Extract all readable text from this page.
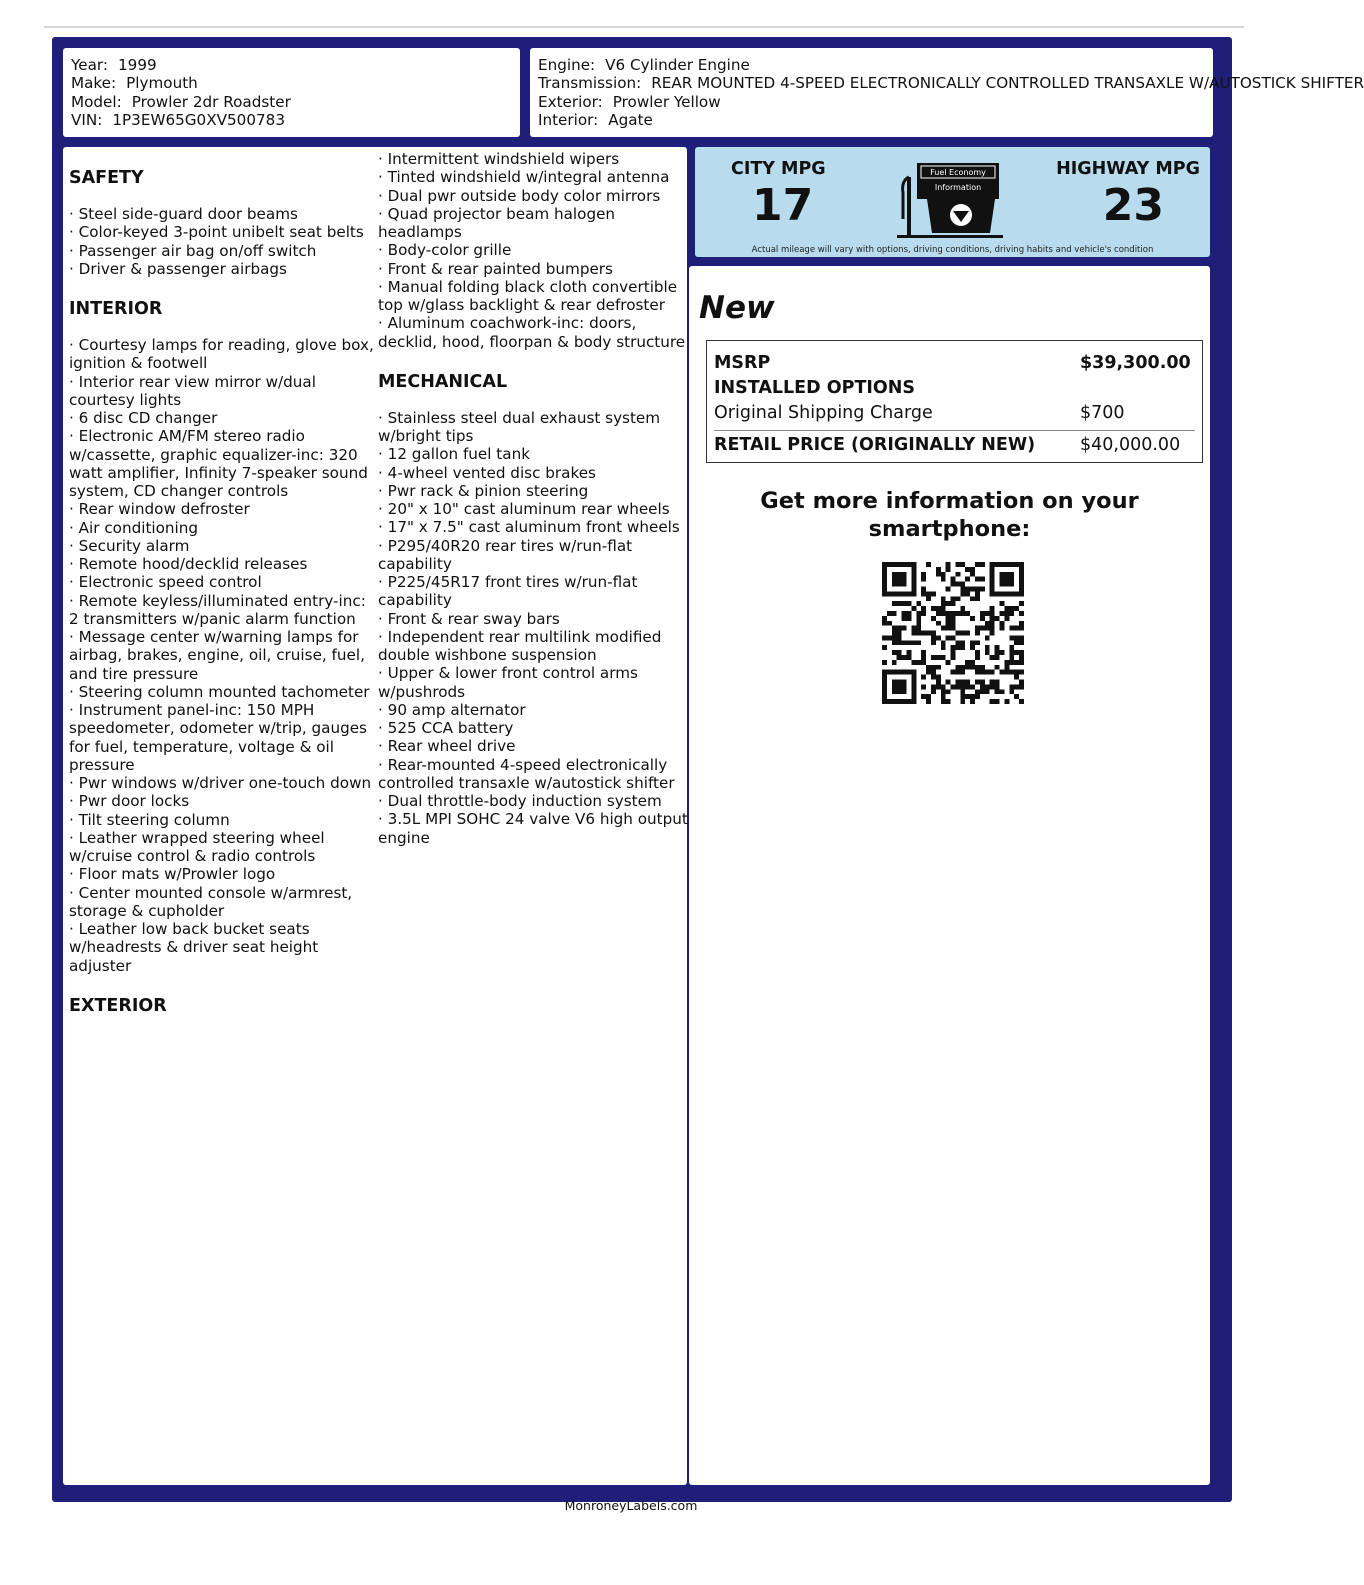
Year: 1999
Make: Plymouth
Model: Prowler 2dr Roadster
VIN: 1P3EW65G0XV500783
Engine: V6 Cylinder Engine
Transmission: REAR MOUNTED 4-SPEED ELECTRONICALLY CONTROLLED TRANSAXLE W/AUTOSTICK SHIFTER
Exterior: Prowler Yellow
Interior: Agate
SAFETY
· Steel side-guard door beams
· Color-keyed 3-point unibelt seat belts
· Passenger air bag on/off switch
· Driver & passenger airbags
INTERIOR
· Courtesy lamps for reading, glove box, ignition & footwell
· Interior rear view mirror w/dual courtesy lights
· 6 disc CD changer
· Electronic AM/FM stereo radio w/cassette, graphic equalizer-inc: 320 watt amplifier, Infinity 7-speaker sound system, CD changer controls
· Rear window defroster
· Air conditioning
· Security alarm
· Remote hood/decklid releases
· Electronic speed control
· Remote keyless/illuminated entry-inc: 2 transmitters w/panic alarm function
· Message center w/warning lamps for airbag, brakes, engine, oil, cruise, fuel, and tire pressure
· Steering column mounted tachometer
· Instrument panel-inc: 150 MPH speedometer, odometer w/trip, gauges for fuel, temperature, voltage & oil pressure
· Pwr windows w/driver one-touch down
· Pwr door locks
· Tilt steering column
· Leather wrapped steering wheel w/cruise control & radio controls
· Floor mats w/Prowler logo
· Center mounted console w/armrest, storage & cupholder
· Leather low back bucket seats w/headrests & driver seat height adjuster
EXTERIOR
· Intermittent windshield wipers
· Tinted windshield w/integral antenna
· Dual pwr outside body color mirrors
· Quad projector beam halogen headlamps
· Body-color grille
· Front & rear painted bumpers
· Manual folding black cloth convertible top w/glass backlight & rear defroster
· Aluminum coachwork-inc: doors, decklid, hood, floorpan & body structure
MECHANICAL
· Stainless steel dual exhaust system w/bright tips
· 12 gallon fuel tank
· 4-wheel vented disc brakes
· Pwr rack & pinion steering
· 20" x 10" cast aluminum rear wheels
· 17" x 7.5" cast aluminum front wheels
· P295/40R20 rear tires w/run-flat capability
· P225/45R17 front tires w/run-flat capability
· Front & rear sway bars
· Independent rear multilink modified double wishbone suspension
· Upper & lower front control arms w/pushrods
· 90 amp alternator
· 525 CCA battery
· Rear wheel drive
· Rear-mounted 4-speed electronically controlled transaxle w/autostick shifter
· Dual throttle-body induction system
· 3.5L MPI SOHC 24 valve V6 high output engine
CITY MPG
17
Fuel Economy
Information
HIGHWAY MPG
23
Actual mileage will vary with options, driving conditions, driving habits and vehicle's condition
New
MSRP	$39,300.00
INSTALLED OPTIONS
Original Shipping Charge	$700
RETAIL PRICE (ORIGINALLY NEW)	$40,000.00
Get more information on your smartphone:
MonroneyLabels.com
